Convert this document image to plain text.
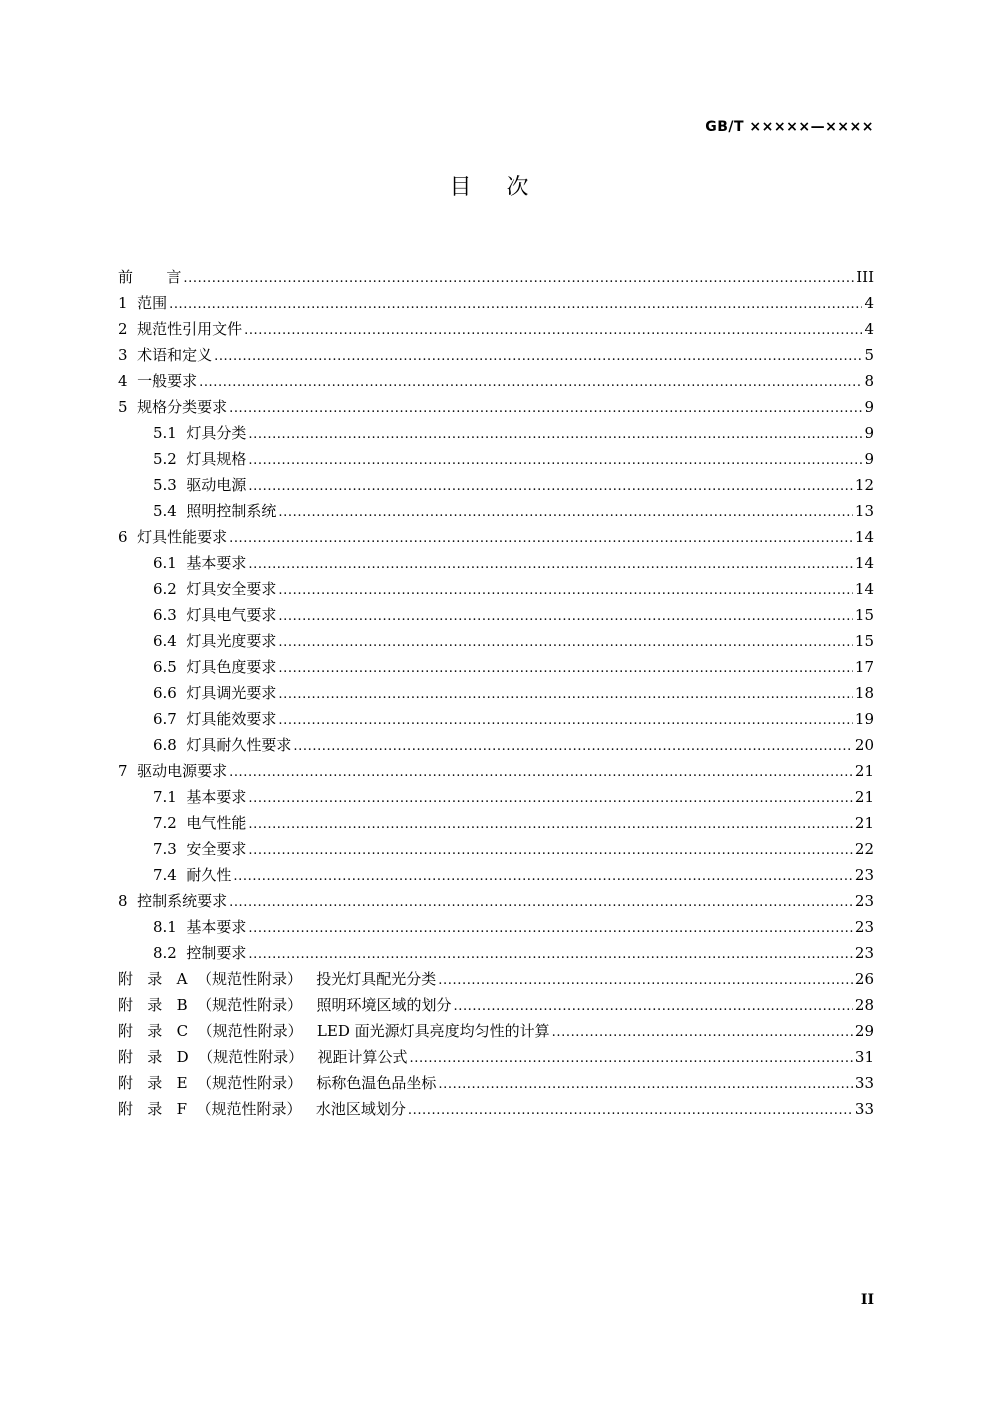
GB/T ×××××—××××
目 次
前       言 .....	III
1  范围 .....	4
2  规范性引用文件 .....	4
3  术语和定义 .....	5
4  一般要求 .....	8
5  规格分类要求 .....	9
5.1  灯具分类 .....	9
5.2  灯具规格 .....	9
5.3  驱动电源 .....	12
5.4  照明控制系统 .....	13
6  灯具性能要求 .....	14
6.1  基本要求 .....	14
6.2  灯具安全要求 .....	14
6.3  灯具电气要求 .....	15
6.4  灯具光度要求 .....	15
6.5  灯具色度要求 .....	17
6.6  灯具调光要求 .....	18
6.7  灯具能效要求 .....	19
6.8  灯具耐久性要求 .....	20
7  驱动电源要求 .....	21
7.1  基本要求 .....	21
7.2  电气性能 .....	21
7.3  安全要求 .....	22
7.4  耐久性 .....	23
8  控制系统要求 .....	23
8.1  基本要求 .....	23
8.2  控制要求 .....	23
附   录   A  （规范性附录）   投光灯具配光分类 .....	26
附   录   B  （规范性附录）   照明环境区域的划分 .....	28
附   录   C  （规范性附录）   LED 面光源灯具亮度均匀性的计算 .....	29
附   录   D  （规范性附录）   视距计算公式 .....	31
附   录   E  （规范性附录）   标称色温色品坐标 .....	33
附   录   F  （规范性附录）   水池区域划分 .....	33
II
